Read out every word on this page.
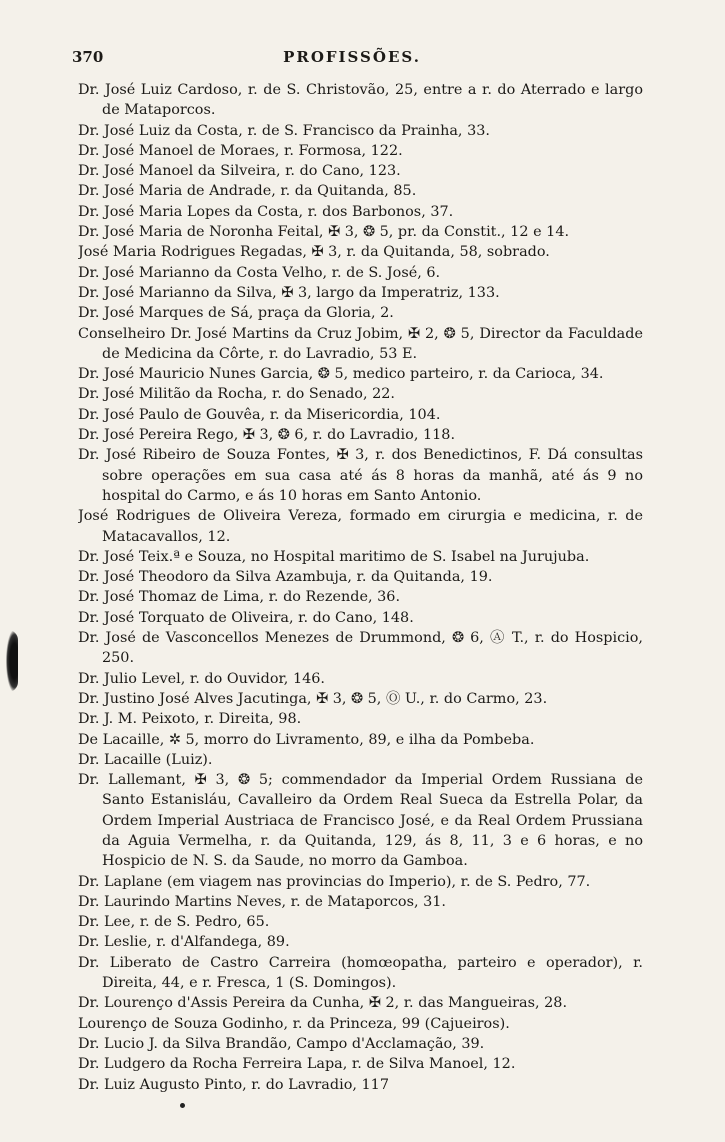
370	PROFISSÕES.
Dr. José Luiz Cardoso, r. de S. Christovão, 25, entre a r. do Aterrado e largo de Mataporcos.
Dr. José Luiz da Costa, r. de S. Francisco da Prainha, 33.
Dr. José Manoel de Moraes, r. Formosa, 122.
Dr. José Manoel da Silveira, r. do Cano, 123.
Dr. José Maria de Andrade, r. da Quitanda, 85.
Dr. José Maria Lopes da Costa, r. dos Barbonos, 37.
Dr. José Maria de Noronha Feital, ✠ 3, ❂ 5, pr. da Constit., 12 e 14.
José Maria Rodrigues Regadas, ✠ 3, r. da Quitanda, 58, sobrado.
Dr. José Marianno da Costa Velho, r. de S. José, 6.
Dr. José Marianno da Silva, ✠ 3, largo da Imperatriz, 133.
Dr. José Marques de Sá, praça da Gloria, 2.
Conselheiro Dr. José Martins da Cruz Jobim, ✠ 2, ❂ 5, Director da Faculdade de Medicina da Côrte, r. do Lavradio, 53 E.
Dr. José Mauricio Nunes Garcia, ❂ 5, medico parteiro, r. da Carioca, 34.
Dr. José Militão da Rocha, r. do Senado, 22.
Dr. José Paulo de Gouvêa, r. da Misericordia, 104.
Dr. José Pereira Rego, ✠ 3, ❂ 6, r. do Lavradio, 118.
Dr. José Ribeiro de Souza Fontes, ✠ 3, r. dos Benedictinos, F. Dá consultas sobre operações em sua casa até ás 8 horas da manhã, até ás 9 no hospital do Carmo, e ás 10 horas em Santo Antonio.
José Rodrigues de Oliveira Vereza, formado em cirurgia e medicina, r. de Matacavallos, 12.
Dr. José Teix.ª e Souza, no Hospital maritimo de S. Isabel na Jurujuba.
Dr. José Theodoro da Silva Azambuja, r. da Quitanda, 19.
Dr. José Thomaz de Lima, r. do Rezende, 36.
Dr. José Torquato de Oliveira, r. do Cano, 148.
Dr. José de Vasconcellos Menezes de Drummond, ❂ 6, Ⓐ T., r. do Hospicio, 250.
Dr. Julio Level, r. do Ouvidor, 146.
Dr. Justino José Alves Jacutinga, ✠ 3, ❂ 5, Ⓞ U., r. do Carmo, 23.
Dr. J. M. Peixoto, r. Direita, 98.
De Lacaille, ✲ 5, morro do Livramento, 89, e ilha da Pombeba.
Dr. Lacaille (Luiz).
Dr. Lallemant, ✠ 3, ❂ 5; commendador da Imperial Ordem Russiana de Santo Estanisláu, Cavalleiro da Ordem Real Sueca da Estrella Polar, da Ordem Imperial Austriaca de Francisco José, e da Real Ordem Prussiana da Aguia Vermelha, r. da Quitanda, 129, ás 8, 11, 3 e 6 horas, e no Hospicio de N. S. da Saude, no morro da Gamboa.
Dr. Laplane (em viagem nas provincias do Imperio), r. de S. Pedro, 77.
Dr. Laurindo Martins Neves, r. de Mataporcos, 31.
Dr. Lee, r. de S. Pedro, 65.
Dr. Leslie, r. d'Alfandega, 89.
Dr. Liberato de Castro Carreira (homœopatha, parteiro e operador), r. Direita, 44, e r. Fresca, 1 (S. Domingos).
Dr. Lourenço d'Assis Pereira da Cunha, ✠ 2, r. das Mangueiras, 28.
Lourenço de Souza Godinho, r. da Princeza, 99 (Cajueiros).
Dr. Lucio J. da Silva Brandão, Campo d'Acclamação, 39.
Dr. Ludgero da Rocha Ferreira Lapa, r. de Silva Manoel, 12.
Dr. Luiz Augusto Pinto, r. do Lavradio, 117
